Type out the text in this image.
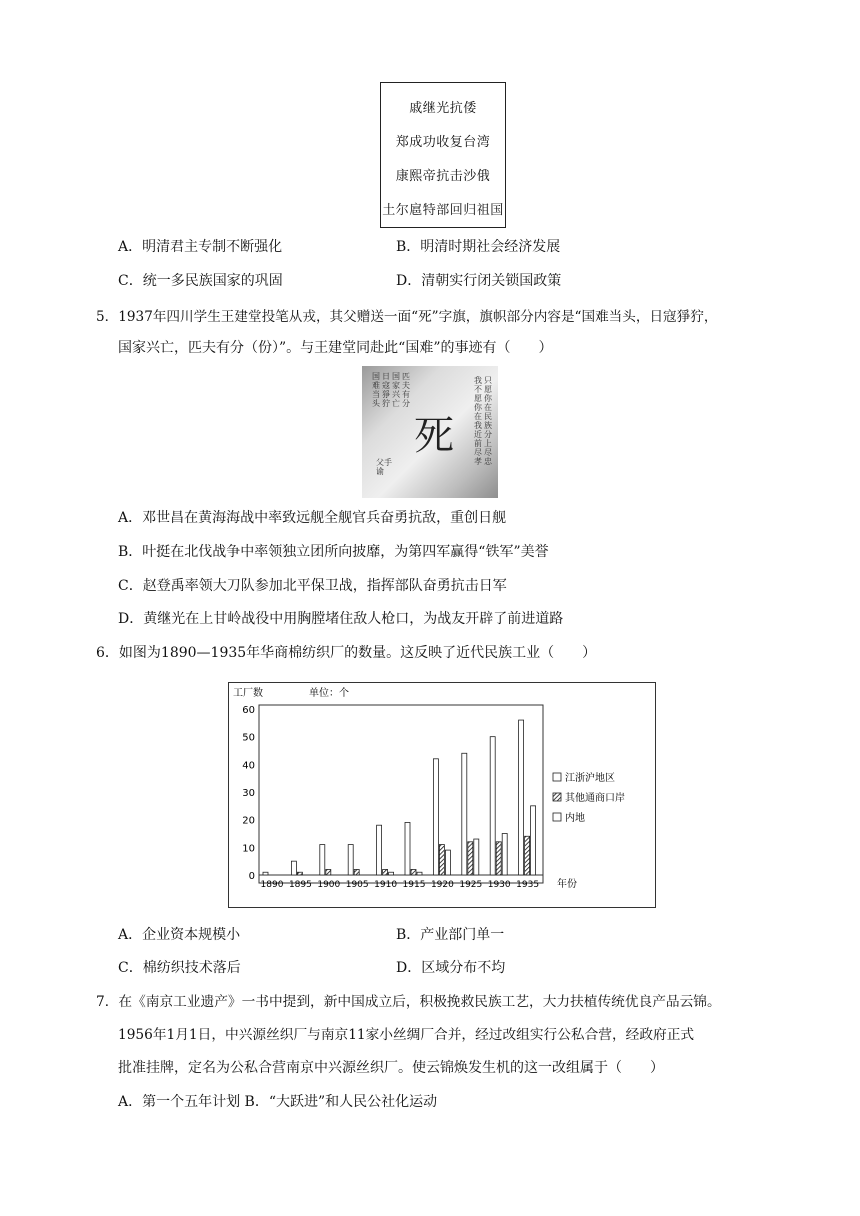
戚继光抗倭
郑成功收复台湾
康熙帝抗击沙俄
土尔扈特部回归祖国
A．明清君主专制不断强化	B．明清时期社会经济发展
C．统一多民族国家的巩固	D．清朝实行闭关锁国政策
5．1937年四川学生王建堂投笔从戎，其父赠送一面“死”字旗，旗帜部分内容是“国难当头，日寇猙狞，
国家兴亡，匹夫有分（份）”。与王建堂同赴此“国难”的事迹有（　　）
国难当头
日寇猙狞
国家兴亡
匹夫有分
父手谕
死
我不愿你在我近前尽孝
只愿你在民族分上尽忠
A．邓世昌在黄海海战中率致远舰全舰官兵奋勇抗敌，重创日舰
B．叶挺在北伐战争中率领独立团所向披靡，为第四军赢得“铁军”美誉
C．赵登禹率领大刀队参加北平保卫战，指挥部队奋勇抗击日军
D．黄继光在上甘岭战役中用胸膛堵住敌人枪口，为战友开辟了前进道路
6．如图为1890—1935年华商棉纺织厂的数量。这反映了近代民族工业（　　）
工厂数	单位：个
年份
0
10
20
30
40
50
60
1890 1895 1900 1905 1910 1915 1920 1925 1930 1935
江浙沪地区
其他通商口岸
内地
A．企业资本规模小	B．产业部门单一
C．棉纺织技术落后	D．区域分布不均
7．在《南京工业遗产》一书中提到，新中国成立后，积极挽救民族工艺，大力扶植传统优良产品云锦。
1956年1月1日，中兴源丝织厂与南京11家小丝绸厂合并，经过改组实行公私合营，经政府正式
批准挂牌，定名为公私合营南京中兴源丝织厂。使云锦焕发生机的这一改组属于（　　）
A．第一个五年计划 B．“大跃进”和人民公社化运动
